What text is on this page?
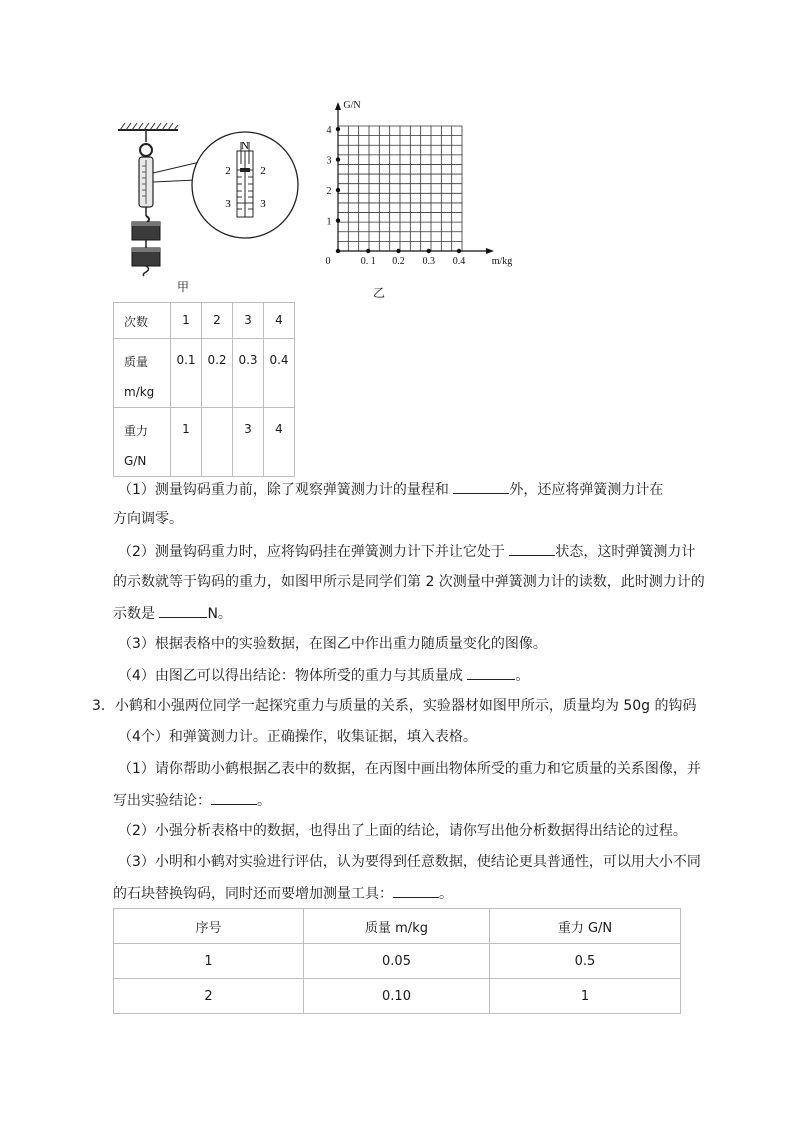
N
2	2
3	3
甲
G/N
m/kg
0
1
2
3
4
0. 1 0.2 0.3 0.4
乙
次数	1	2	3	4
质量
m/kg	0.1	0.2	0.3	0.4
重力
G/N	1		3	4
（1）测量钩码重力前，除了观察弹簧测力计的量程和	外，还应将弹簧测力计在
方向调零。
（2）测量钩码重力时，应将钩码挂在弹簧测力计下并让它处于	状态，这时弹簧测力计
的示数就等于钩码的重力，如图甲所示是同学们第 2 次测量中弹簧测力计的读数，此时测力计的
示数是	N。
（3）根据表格中的实验数据，在图乙中作出重力随质量变化的图像。
（4）由图乙可以得出结论：物体所受的重力与其质量成	。
3．小鹤和小强两位同学一起探究重力与质量的关系，实验器材如图甲所示，质量均为 50g 的钩码
（4个）和弹簧测力计。正确操作，收集证据，填入表格。
（1）请你帮助小鹤根据乙表中的数据，在丙图中画出物体所受的重力和它质量的关系图像，并
写出实验结论：	。
（2）小强分析表格中的数据，也得出了上面的结论，请你写出他分析数据得出结论的过程。
（3）小明和小鹤对实验进行评估，认为要得到任意数据，使结论更具普通性，可以用大小不同
的石块替换钩码，同时还而要增加测量工具：	。
序号	质量 m/kg	重力 G/N
1	0.05	0.5
2	0.10	1
